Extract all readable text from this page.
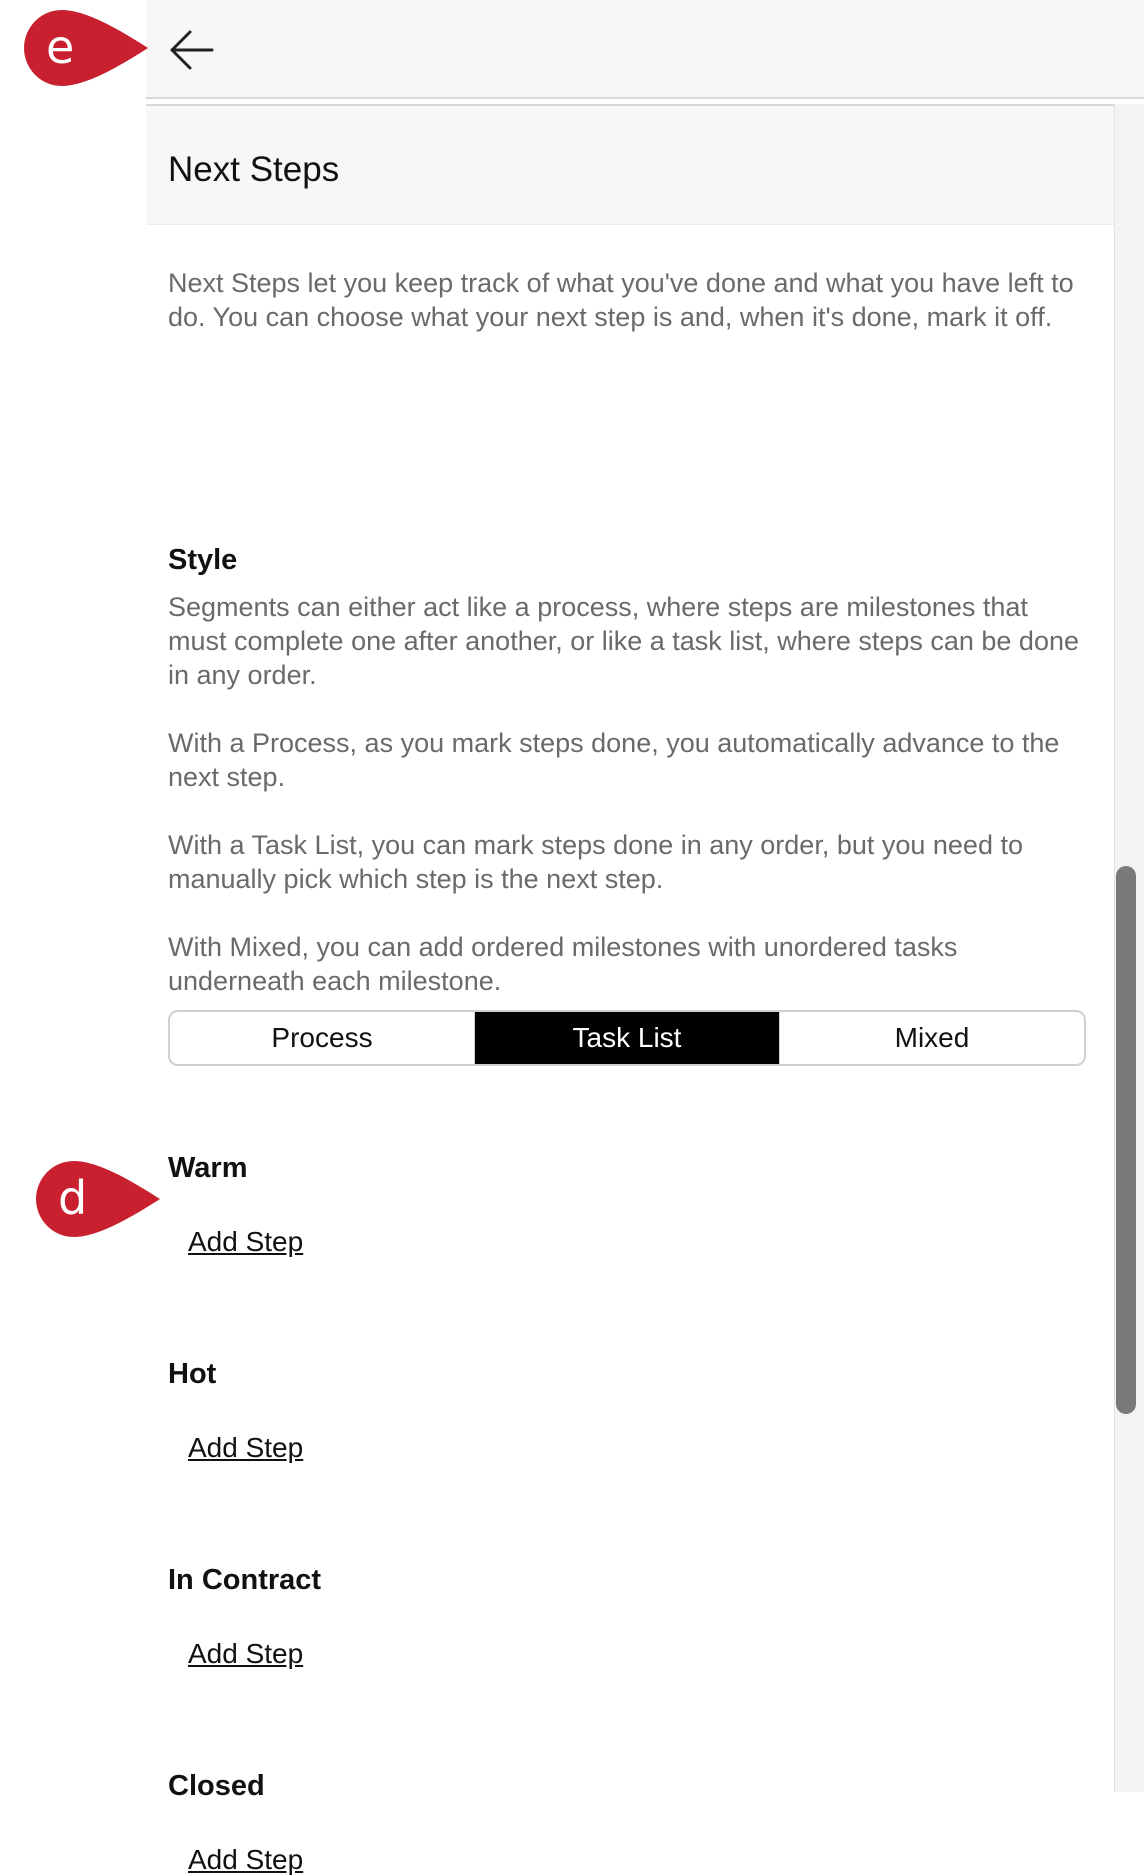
Next Steps
Next Steps let you keep track of what you've done and what you have left to do. You can choose what your next step is and, when it's done, mark it off.
Style
Segments can either act like a process, where steps are milestones that must complete one after another, or like a task list, where steps can be done in any order.
With a Process, as you mark steps done, you automatically advance to the next step.
With a Task List, you can mark steps done in any order, but you need to manually pick which step is the next step.
With Mixed, you can add ordered milestones with unordered tasks underneath each milestone.
Process	Task List	Mixed
Warm
Add Step
Hot
Add Step
In Contract
Add Step
Closed
Add Step
e
d
